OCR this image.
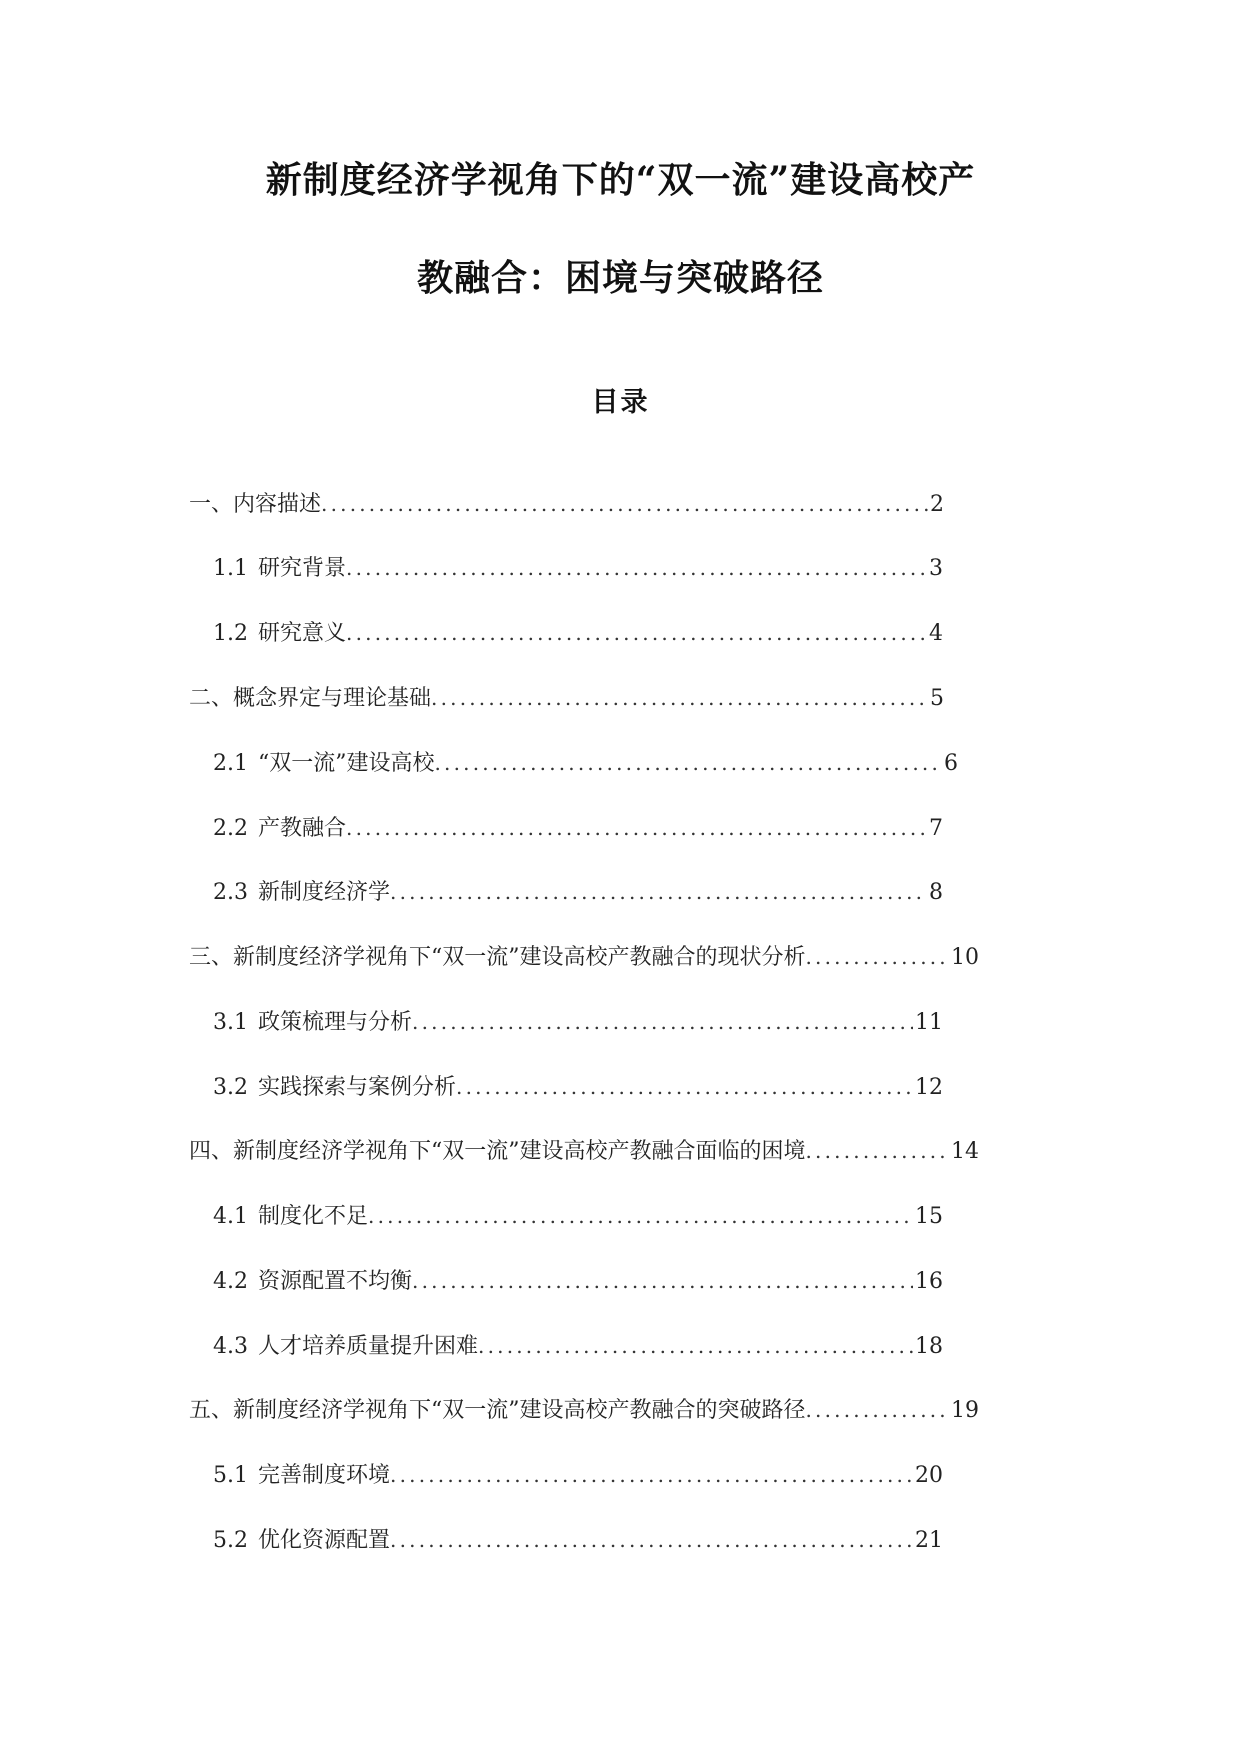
新制度经济学视角下的“双一流”建设高校产
教融合：困境与突破路径
目录
一、内容描述 .....	2
1.1 研究背景 .....	3
1.2 研究意义 .....	4
二、概念界定与理论基础 .....	5
2.1 “双一流”建设高校 .....	6
2.2 产教融合 .....	7
2.3 新制度经济学 .....	8
三、新制度经济学视角下“双一流”建设高校产教融合的现状分析 .....	10
3.1 政策梳理与分析 .....	11
3.2 实践探索与案例分析 .....	12
四、新制度经济学视角下“双一流”建设高校产教融合面临的困境 .....	14
4.1 制度化不足 .....	15
4.2 资源配置不均衡 .....	16
4.3 人才培养质量提升困难 .....	18
五、新制度经济学视角下“双一流”建设高校产教融合的突破路径 .....	19
5.1 完善制度环境 .....	20
5.2 优化资源配置 .....	21
